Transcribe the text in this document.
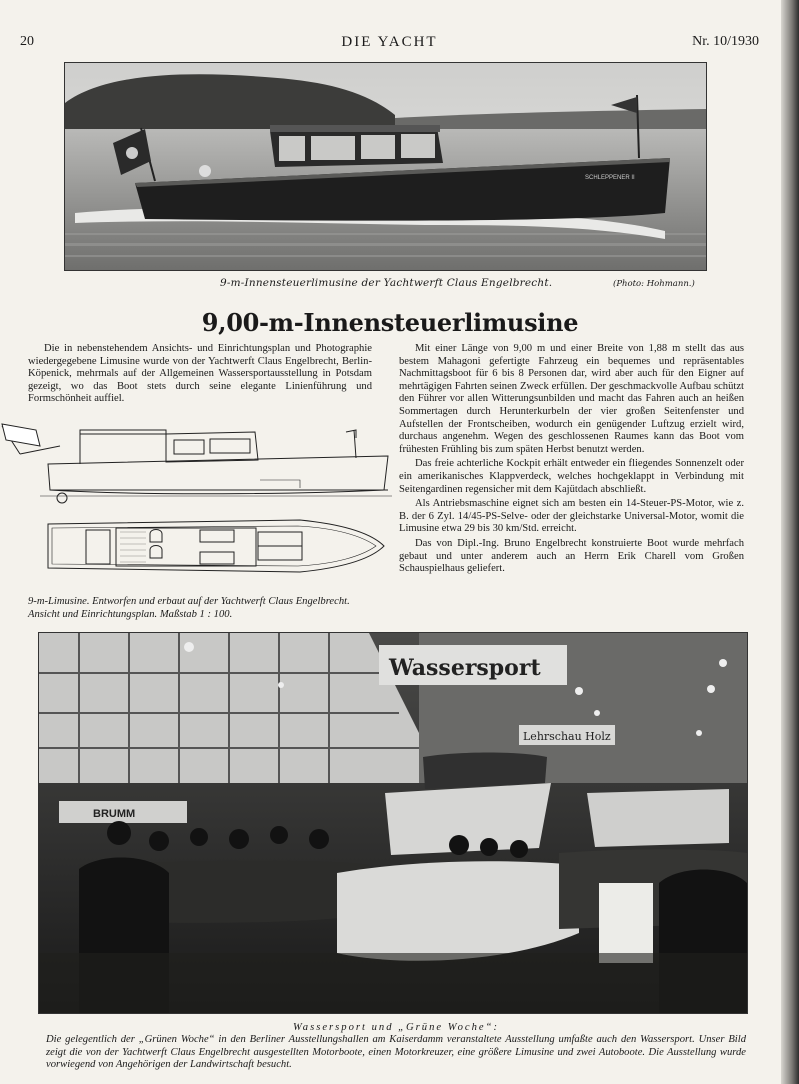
20	DIE YACHT	Nr. 10/1930
SCHLEPPENER II
9-m-Innensteuerlimusine der Yachtwerft Claus Engelbrecht.	(Photo: Hohmann.)
9,00-m-Innensteuerlimusine

Die in nebenstehendem Ansichts- und Einrichtungsplan und Photographie wiedergegebene Limusine wurde von der Yachtwerft Claus Engelbrecht, Berlin-Köpenick, mehrmals auf der Allgemeinen Wassersportausstellung in Potsdam gezeigt, wo das Boot stets durch seine elegante Linienführung und Formschönheit auffiel.

9-m-Limusine. Entworfen und erbaut auf der Yachtwerft Claus Engelbrecht. Ansicht und Einrichtungsplan. Maßstab 1 : 100.

Mit einer Länge von 9,00 m und einer Breite von 1,88 m stellt das aus bestem Mahagoni gefertigte Fahrzeug ein bequemes und repräsentables Nachmittagsboot für 6 bis 8 Personen dar, wird aber auch für den Eigner auf mehrtägigen Fahrten seinen Zweck erfüllen. Der geschmackvolle Aufbau schützt den Führer vor allen Witterungsunbilden und macht das Fahren auch an heißen Sommertagen durch Herunterkurbeln der vier großen Seitenfenster und Aufstellen der Frontscheiben, wodurch ein genügender Luftzug erzielt wird, durchaus angenehm. Wegen des geschlossenen Raumes kann das Boot vom frühesten Frühling bis zum späten Herbst benutzt werden.

Das freie achterliche Kockpit erhält entweder ein fliegendes Sonnenzelt oder ein amerikanisches Klappverdeck, welches hochgeklappt in Verbindung mit Seitengardinen regensicher mit dem Kajütdach abschließt.

Als Antriebsmaschine eignet sich am besten ein 14-Steuer-PS-Motor, wie z. B. der 6 Zyl. 14/45-PS-Selve- oder der gleichstarke Universal-Motor, womit die Limusine etwa 29 bis 30 km/Std. erreicht.

Das von Dipl.-Ing. Bruno Engelbrecht konstruierte Boot wurde mehrfach gebaut und unter anderem auch an Herrn Erik Charell vom Großen Schauspielhaus geliefert.

Wassersport
Lehrschau Holz
BRUMM
Wassersport und „Grüne Woche“:
Die gelegentlich der „Grünen Woche“ in den Berliner Ausstellungshallen am Kaiserdamm veranstaltete Ausstellung umfaßte auch den Wassersport. Unser Bild zeigt die von der Yachtwerft Claus Engelbrecht ausgestellten Motorboote, einen Motorkreuzer, eine größere Limusine und zwei Autoboote. Die Ausstellung wurde vorwiegend von Angehörigen der Landwirtschaft besucht.
